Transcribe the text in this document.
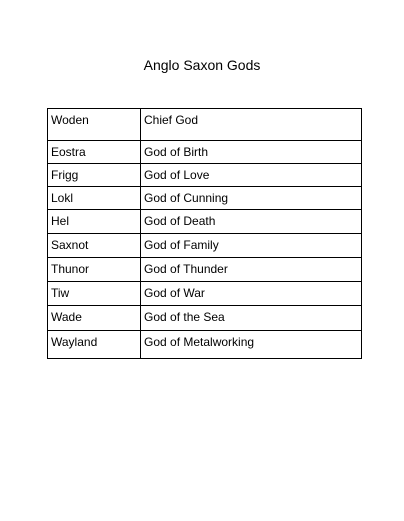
Anglo Saxon Gods
Woden	Chief God
Eostra	God of Birth
Frigg	God of Love
Lokl	God of Cunning
Hel	God of Death
Saxnot	God of Family
Thunor	God of Thunder
Tiw	God of War
Wade	God of the Sea
Wayland	God of Metalworking
